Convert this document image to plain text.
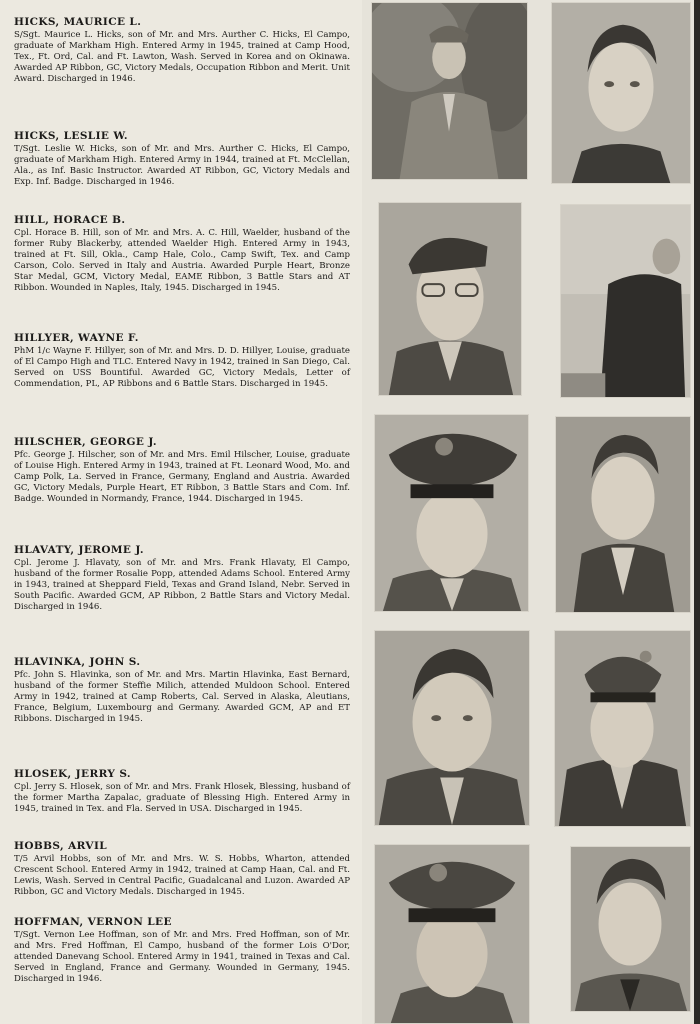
HICKS, MAURICE L.

S/Sgt. Maurice L. Hicks, son of Mr. and Mrs. Aurther C. Hicks, El Campo, graduate of Markham High. Entered Army in 1945, trained at Camp Hood, Tex., Ft. Ord, Cal. and Ft. Lawton, Wash. Served in Korea and on Okinawa. Awarded AP Ribbon, GC, Victory Medals, Occupation Ribbon and Merit. Unit Award. Discharged in 1946.

HICKS, LESLIE W.

T/Sgt. Leslie W. Hicks, son of Mr. and Mrs. Aurther C. Hicks, El Campo, graduate of Markham High. Entered Army in 1944, trained at Ft. McClellan, Ala., as Inf. Basic Instructor. Awarded AT Ribbon, GC, Victory Medals and Exp. Inf. Badge. Discharged in 1946.

HILL, HORACE B.

Cpl. Horace B. Hill, son of Mr. and Mrs. A. C. Hill, Waelder, husband of the former Ruby Blackerby, attended Waelder High. Entered Army in 1943, trained at Ft. Sill, Okla., Camp Hale, Colo., Camp Swift, Tex. and Camp Carson, Colo. Served in Italy and Austria. Awarded Purple Heart, Bronze Star Medal, GCM, Victory Medal, EAME Ribbon, 3 Battle Stars and AT Ribbon. Wounded in Naples, Italy, 1945. Discharged in 1945.

HILLYER, WAYNE F.

PhM 1/c Wayne F. Hillyer, son of Mr. and Mrs. D. D. Hillyer, Louise, graduate of El Campo High and TLC. Entered Navy in 1942, trained in San Diego, Cal. Served on USS Bountiful. Awarded GC, Victory Medals, Letter of Commendation, PL, AP Ribbons and 6 Battle Stars. Discharged in 1945.

HILSCHER, GEORGE J.

Pfc. George J. Hilscher, son of Mr. and Mrs. Emil Hilscher, Louise, graduate of Louise High. Entered Army in 1943, trained at Ft. Leonard Wood, Mo. and Camp Polk, La. Served in France, Germany, England and Austria. Awarded GC, Victory Medals, Purple Heart, ET Ribbon, 3 Battle Stars and Com. Inf. Badge. Wounded in Normandy, France, 1944. Discharged in 1945.

HLAVATY, JEROME J.

Cpl. Jerome J. Hlavaty, son of Mr. and Mrs. Frank Hlavaty, El Campo, husband of the former Rosalie Popp, attended Adams School. Entered Army in 1943, trained at Sheppard Field, Texas and Grand Island, Nebr. Served in South Pacific. Awarded GCM, AP Ribbon, 2 Battle Stars and Victory Medal. Discharged in 1946.

HLAVINKA, JOHN S.

Pfc. John S. Hlavinka, son of Mr. and Mrs. Martin Hlavinka, East Bernard, husband of the former Steffie Milich, attended Muldoon School. Entered Army in 1942, trained at Camp Roberts, Cal. Served in Alaska, Aleutians, France, Belgium, Luxembourg and Germany. Awarded GCM, AP and ET Ribbons. Discharged in 1945.

HLOSEK, JERRY S.

Cpl. Jerry S. Hlosek, son of Mr. and Mrs. Frank Hlosek, Blessing, husband of the former Martha Zapalac, graduate of Blessing High. Entered Army in 1945, trained in Tex. and Fla. Served in USA. Discharged in 1945.

HOBBS, ARVIL

T/5 Arvil Hobbs, son of Mr. and Mrs. W. S. Hobbs, Wharton, attended Crescent School. Entered Army in 1942, trained at Camp Haan, Cal. and Ft. Lewis, Wash. Served in Central Pacific, Guadalcanal and Luzon. Awarded AP Ribbon, GC and Victory Medals. Discharged in 1945.

HOFFMAN, VERNON LEE

T/Sgt. Vernon Lee Hoffman, son of Mr. and Mrs. Fred Hoffman, son of Mr. and Mrs. Fred Hoffman, El Campo, husband of the former Lois O'Dor, attended Danevang School. Entered Army in 1941, trained in Texas and Cal. Served in England, France and Germany. Wounded in Germany, 1945. Discharged in 1946.
